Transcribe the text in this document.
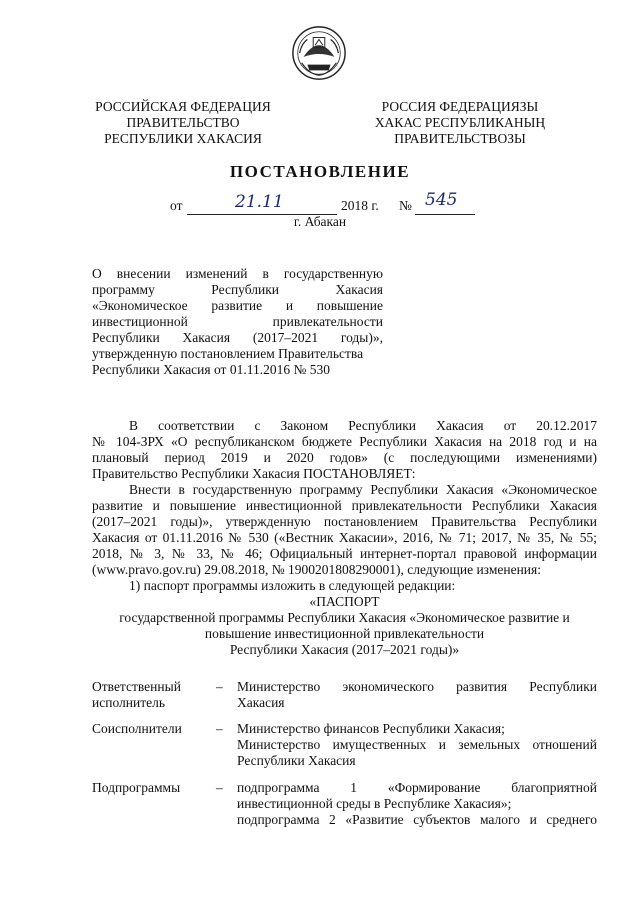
РОССИЙСКАЯ ФЕДЕРАЦИЯ
ПРАВИТЕЛЬСТВО
РЕСПУБЛИКИ ХАКАСИЯ
РОССИЯ ФЕДЕРАЦИЯЗЫ
ХАКАС РЕСПУБЛИКАНЫҢ
ПРАВИТЕЛЬСТВОЗЫ
ПОСТАНОВЛЕНИЕ
от	21.11	2018 г. № 545
г. Абакан
О внесении изменений в государственную
программу Республики Хакасия
«Экономическое развитие и повышение
инвестиционной привлекательности
Республики Хакасия (2017–2021 годы)»,
утвержденную постановлением Правительства
Республики Хакасия от 01.11.2016 № 530
В соответствии с Законом Республики Хакасия от 20.12.2017
№ 104-ЗРХ «О республиканском бюджете Республики Хакасия на 2018 год и на
плановый период 2019 и 2020 годов» (с последующими изменениями)
Правительство Республики Хакасия ПОСТАНОВЛЯЕТ:
Внести в государственную программу Республики Хакасия «Экономическое
развитие и повышение инвестиционной привлекательности Республики Хакасия
(2017–2021 годы)», утвержденную постановлением Правительства Республики
Хакасия от 01.11.2016 № 530 («Вестник Хакасии», 2016, № 71; 2017, № 35, № 55;
2018, № 3, № 33, № 46; Официальный интернет-портал правовой информации
(www.pravo.gov.ru) 29.08.2018, № 1900201808290001), следующие изменения:
1) паспорт программы изложить в следующей редакции:
«ПАСПОРТ
государственной программы Республики Хакасия «Экономическое развитие и
повышение инвестиционной привлекательности
Республики Хакасия (2017–2021 годы)»
Ответственный
исполнитель
–	Министерство экономического развития Республики
Хакасия
Соисполнители	–	Министерство финансов Республики Хакасия;
Министерство имущественных и земельных отношений
Республики Хакасия
Подпрограммы	–	подпрограмма 1 «Формирование благоприятной
инвестиционной среды в Республике Хакасия»;
подпрограмма 2 «Развитие субъектов малого и среднего
